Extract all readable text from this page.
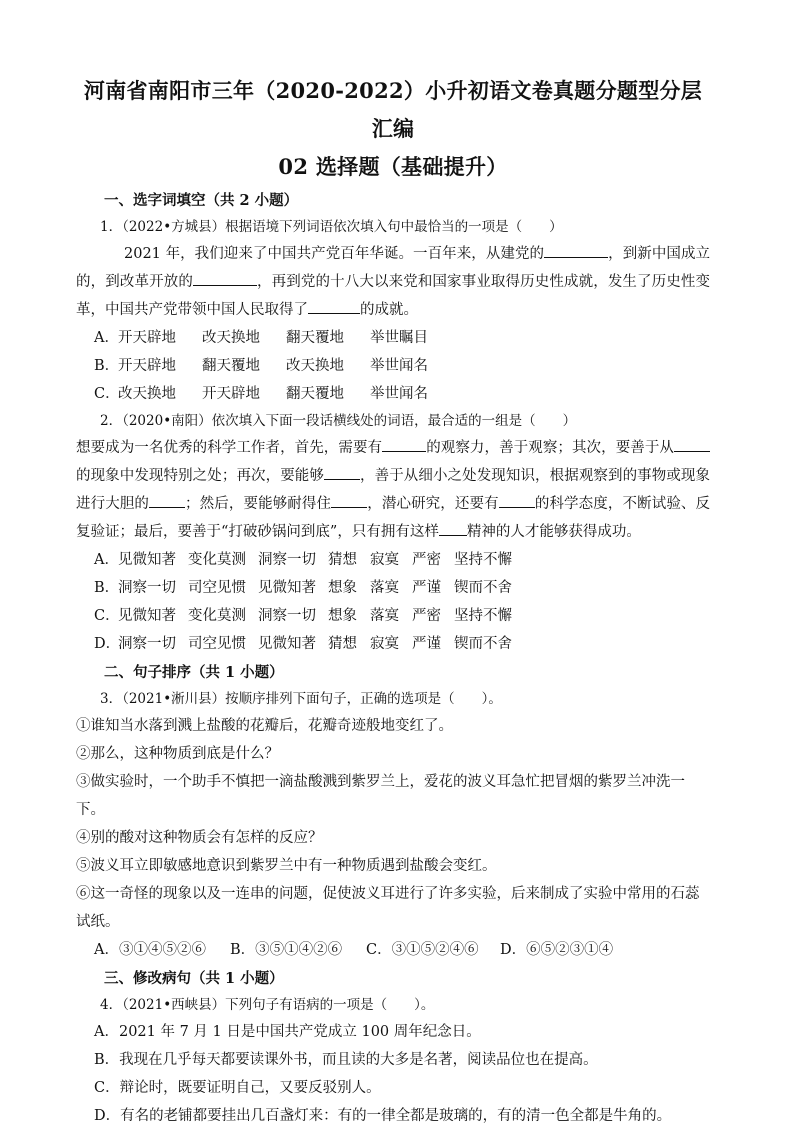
河南省南阳市三年（2020-2022）小升初语文卷真题分题型分层汇编
02 选择题（基础提升）
一、选字词填空（共 2 小题）
1．（2022•方城县）根据语境下列词语依次填入句中最恰当的一项是（　　）
2021 年，我们迎来了中国共产党百年华诞。一百年来，从建党的	，到新中国成立的，到改革开放的	，再到党的十八大以来党和国家事业取得历史性成就，发生了历史性变革，中国共产党带领中国人民取得了	的成就。
A．开天辟地 改天换地 翻天覆地 举世瞩目
B．开天辟地 翻天覆地 改天换地 举世闻名
C．改天换地 开天辟地 翻天覆地 举世闻名
2．（2020•南阳）依次填入下面一段话横线处的词语，最合适的一组是（　　）
想要成为一名优秀的科学工作者，首先，需要有	的观察力，善于观察；其次，要善于从的现象中发现特别之处；再次，要能够 ，善于从细小之处发现知识，根据观察到的事物或现象进行大胆的 ；然后，要能够耐得住 ，潜心研究，还要有 的科学态度，不断试验、反复验证；最后，要善于“打破砂锅问到底”，只有拥有这样 精神的人才能够获得成功。
A．见微知著 变化莫测 洞察一切 猜想 寂寞 严密 坚持不懈
B．洞察一切 司空见惯 见微知著 想象 落寞 严谨 锲而不舍
C．见微知著 变化莫测 洞察一切 想象 落寞 严密 坚持不懈
D．洞察一切 司空见惯 见微知著 猜想 寂寞 严谨 锲而不舍
二、句子排序（共 1 小题）
3．（2021•淅川县）按顺序排列下面句子，正确的选项是（　　）。
①谁知当水落到溅上盐酸的花瓣后，花瓣奇迹般地变红了。
②那么，这种物质到底是什么？
③做实验时，一个助手不慎把一滴盐酸溅到紫罗兰上，爱花的波义耳急忙把冒烟的紫罗兰冲洗一下。
④别的酸对这种物质会有怎样的反应？
⑤波义耳立即敏感地意识到紫罗兰中有一种物质遇到盐酸会变红。
⑥这一奇怪的现象以及一连串的问题，促使波义耳进行了许多实验，后来制成了实验中常用的石蕊试纸。
A．③①④⑤②⑥ B．③⑤①④②⑥ C．③①⑤②④⑥ D．⑥⑤②③①④
三、修改病句（共 1 小题）
4．（2021•西峡县）下列句子有语病的一项是（　　）。
A．2021 年 7 月 1 日是中国共产党成立 100 周年纪念日。
B．我现在几乎每天都要读课外书，而且读的大多是名著，阅读品位也在提高。
C．辩论时，既要证明自己，又要反驳别人。
D．有名的老铺都要挂出几百盏灯来：有的一律全都是玻璃的，有的清一色全都是牛角的。
